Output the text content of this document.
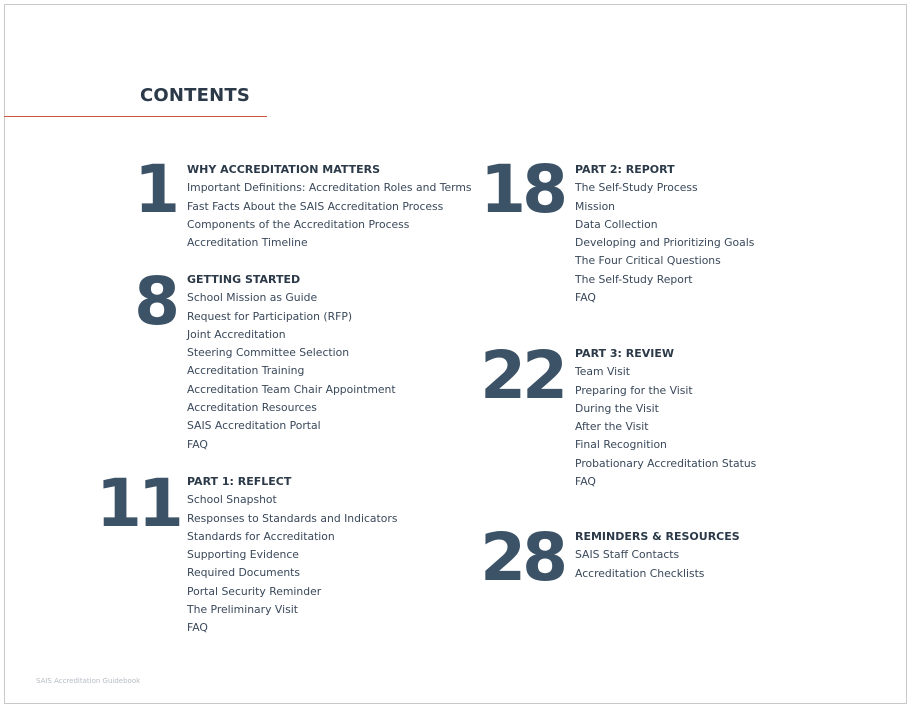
CONTENTS
1 WHY ACCREDITATION MATTERS
Important Definitions: Accreditation Roles and Terms
Fast Facts About the SAIS Accreditation Process
Components of the Accreditation Process
Accreditation Timeline
8 GETTING STARTED
School Mission as Guide
Request for Participation (RFP)
Joint Accreditation
Steering Committee Selection
Accreditation Training
Accreditation Team Chair Appointment
Accreditation Resources
SAIS Accreditation Portal
FAQ
11 PART 1: REFLECT
School Snapshot
Responses to Standards and Indicators
Standards for Accreditation
Supporting Evidence
Required Documents
Portal Security Reminder
The Preliminary Visit
FAQ
18 PART 2: REPORT
The Self-Study Process
Mission
Data Collection
Developing and Prioritizing Goals
The Four Critical Questions
The Self-Study Report
FAQ
22 PART 3: REVIEW
Team Visit
Preparing for the Visit
During the Visit
After the Visit
Final Recognition
Probationary Accreditation Status
FAQ
28 REMINDERS & RESOURCES
SAIS Staff Contacts
Accreditation Checklists
SAIS Accreditation Guidebook
